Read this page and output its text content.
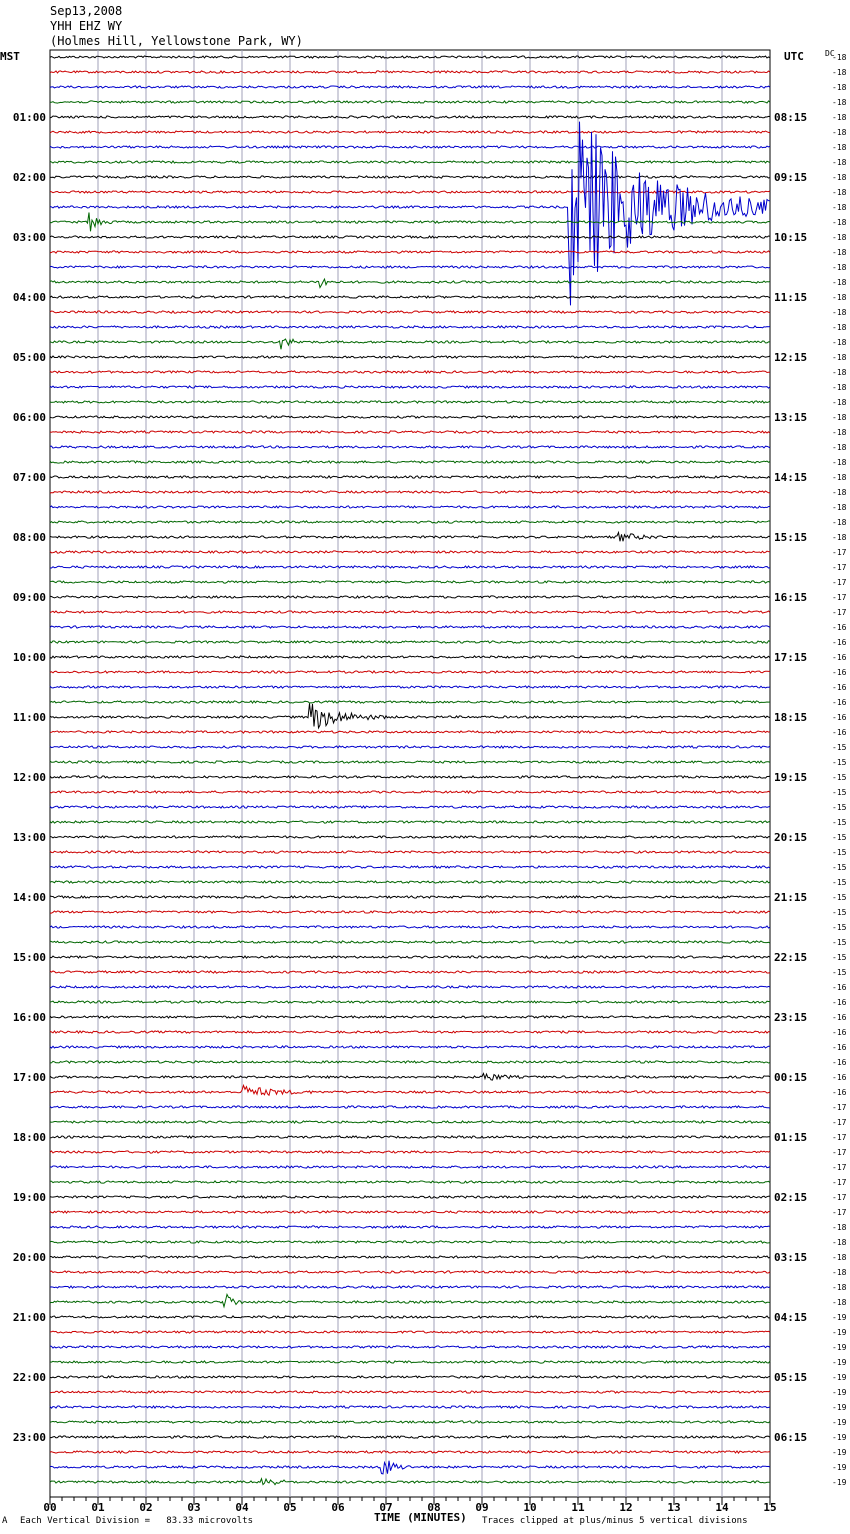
Sep13,2008
YHH EHZ WY
(Holmes Hill, Yellowstone Park, WY)
MST	UTC	DC
00	01	02	03	04	05	06	07	08	09	10	11	12	13	14	15
-18
-18
-18
-18
-18
-18
-18
-18
-18
-18
-18
-18
-18
-18
-18
-18
-18
-18
-18
-18
-18
-18
-18
-18
-18
-18
-18
-18
-18
-18
-18
-18
-18
-17
-17
-17
-17
-17
-16
-16
-16
-16
-16
-16
-16
-16
-15
-15
-15
-15
-15
-15
-15
-15
-15
-15
-15
-15
-15
-15
-15
-15
-16
-16
-16
-16
-16
-16
-16
-16
-17
-17
-17
-17
-17
-17
-17
-17
-18
-18
-18
-18
-18
-18
-19
-19
-19
-19
-19
-19
-19
-19
-19
-19
-19
-19
01:00
02:00
03:00
04:00
05:00
06:00
07:00
08:00
09:00
10:00
11:00
12:00
13:00
14:00
15:00
16:00
17:00
18:00
19:00
20:00
21:00
22:00
23:00
08:15
09:15
10:15
11:15
12:15
13:15
14:15
15:15
16:15
17:15
18:15
19:15
20:15
21:15
22:15
23:15
00:15
01:15
02:15
03:15
04:15
05:15
06:15
TIME (MINUTES)
A Each Vertical Division =   83.33 microvolts	Traces clipped at plus/minus 5 vertical divisions
